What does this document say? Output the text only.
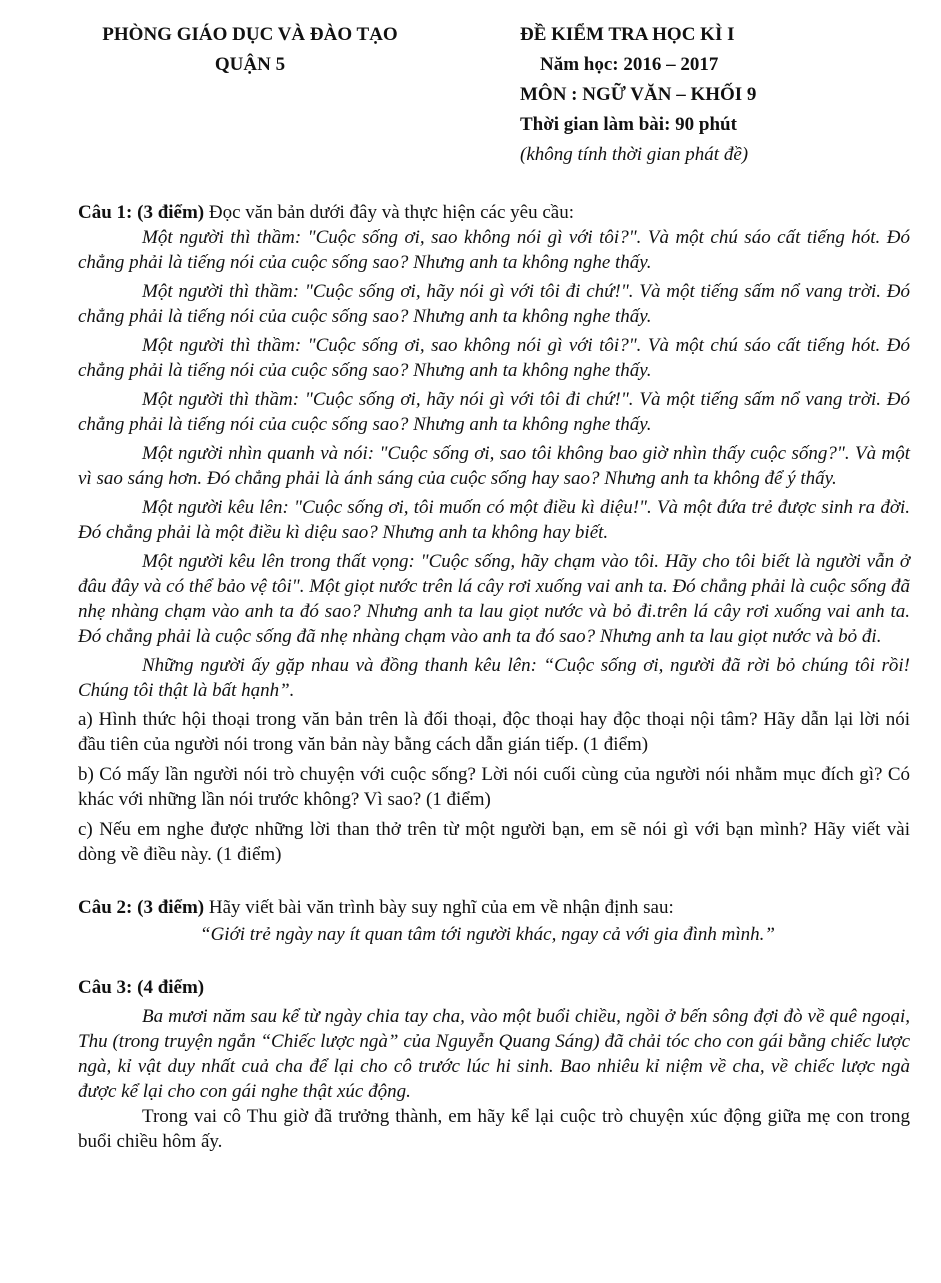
PHÒNG GIÁO DỤC VÀ ĐÀO TẠO
QUẬN 5
ĐỀ KIỂM TRA HỌC KÌ I
Năm học: 2016 – 2017
MÔN : NGỮ VĂN – KHỐI 9
Thời gian làm bài: 90 phút
(không tính thời gian phát đề)

Câu 1: (3 điểm) Đọc văn bản dưới đây và thực hiện các yêu cầu:

Một người thì thầm: "Cuộc sống ơi, sao không nói gì với tôi?". Và một chú sáo cất tiếng hót. Đó chẳng phải là tiếng nói của cuộc sống sao? Nhưng anh ta không nghe thấy.

Một người thì thầm: "Cuộc sống ơi, hãy nói gì với tôi đi chứ!". Và một tiếng sấm nổ vang trời. Đó chẳng phải là tiếng nói của cuộc sống sao? Nhưng anh ta không nghe thấy.

Một người thì thầm: "Cuộc sống ơi, sao không nói gì với tôi?". Và một chú sáo cất tiếng hót. Đó chẳng phải là tiếng nói của cuộc sống sao? Nhưng anh ta không nghe thấy.

Một người thì thầm: "Cuộc sống ơi, hãy nói gì với tôi đi chứ!". Và một tiếng sấm nổ vang trời. Đó chẳng phải là tiếng nói của cuộc sống sao? Nhưng anh ta không nghe thấy.

Một người nhìn quanh và nói: "Cuộc sống ơi, sao tôi không bao giờ nhìn thấy cuộc sống?". Và một vì sao sáng hơn. Đó chẳng phải là ánh sáng của cuộc sống hay sao? Nhưng anh ta không để ý thấy.

Một người kêu lên: "Cuộc sống ơi, tôi muốn có một điều kì diệu!". Và một đứa trẻ được sinh ra đời. Đó chẳng phải là một điều kì diệu sao? Nhưng anh ta không hay biết.

Một người kêu lên trong thất vọng: "Cuộc sống, hãy chạm vào tôi. Hãy cho tôi biết là người vẫn ở đâu đây và có thể bảo vệ tôi". Một giọt nước trên lá cây rơi xuống vai anh ta. Đó chẳng phải là cuộc sống đã nhẹ nhàng chạm vào anh ta đó sao? Nhưng anh ta lau giọt nước và bỏ đi.trên lá cây rơi xuống vai anh ta. Đó chẳng phải là cuộc sống đã nhẹ nhàng chạm vào anh ta đó sao? Nhưng anh ta lau giọt nước và bỏ đi.

Những người ấy gặp nhau và đồng thanh kêu lên: “Cuộc sống ơi, người đã rời bỏ chúng tôi rồi! Chúng tôi thật là bất hạnh”.

a) Hình thức hội thoại trong văn bản trên là đối thoại, độc thoại hay độc thoại nội tâm? Hãy dẫn lại lời nói đầu tiên của người nói trong văn bản này bằng cách dẫn gián tiếp. (1 điểm)

b) Có mấy lần người nói trò chuyện với cuộc sống? Lời nói cuối cùng của người nói nhằm mục đích gì? Có khác với những lần nói trước không? Vì sao? (1 điểm)

c) Nếu em nghe được những lời than thở trên từ một người bạn, em sẽ nói gì với bạn mình? Hãy viết vài dòng về điều này. (1 điểm)

Câu 2: (3 điểm) Hãy viết bài văn trình bày suy nghĩ của em về nhận định sau:

“Giới trẻ ngày nay ít quan tâm tới người khác, ngay cả với gia đình mình.”

Câu 3: (4 điểm)

Ba mươi năm sau kể từ ngày chia tay cha, vào một buổi chiều, ngồi ở bến sông đợi đò về quê ngoại, Thu (trong truyện ngắn “Chiếc lược ngà” của Nguyễn Quang Sáng) đã chải tóc cho con gái bằng chiếc lược ngà, kỉ vật duy nhất cuả cha để lại cho cô trước lúc hi sinh. Bao nhiêu kỉ niệm về cha, về chiếc lược ngà được kể lại cho con gái nghe thật xúc động.

Trong vai cô Thu giờ đã trưởng thành, em hãy kể lại cuộc trò chuyện xúc động giữa mẹ con trong buổi chiều hôm ấy.
